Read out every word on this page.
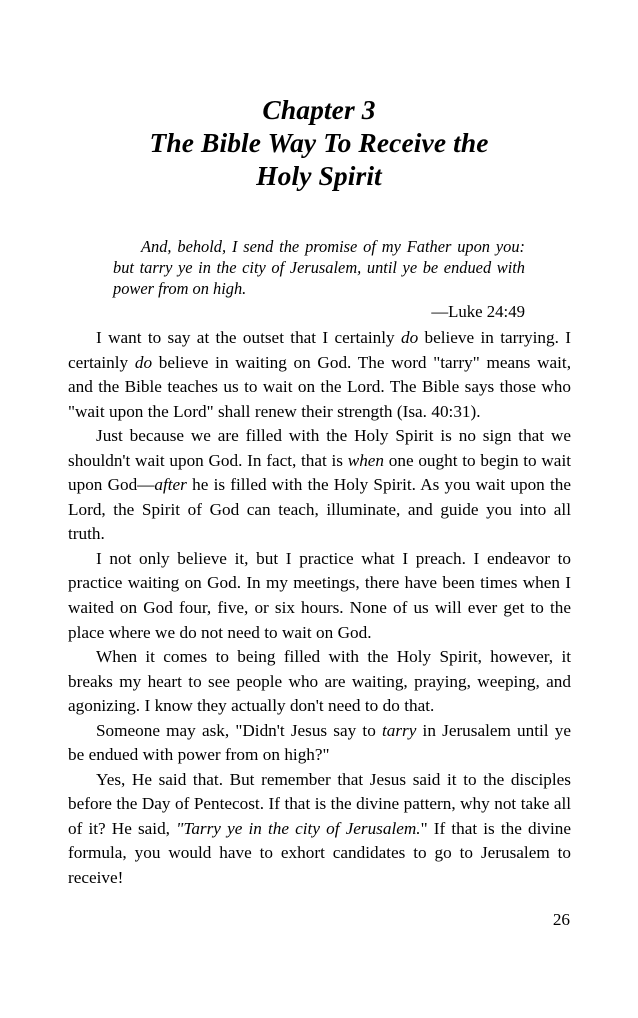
Chapter 3
The Bible Way To Receive the
Holy Spirit

And, behold, I send the promise of my Father upon you: but tarry ye in the city of Jerusalem, until ye be endued with power from on high.

—Luke 24:49

I want to say at the outset that I certainly do believe in tarrying. I certainly do believe in waiting on God. The word "tarry" means wait, and the Bible teaches us to wait on the Lord. The Bible says those who "wait upon the Lord" shall renew their strength (Isa. 40:31).

Just because we are filled with the Holy Spirit is no sign that we shouldn't wait upon God. In fact, that is when one ought to begin to wait upon God—after he is filled with the Holy Spirit. As you wait upon the Lord, the Spirit of God can teach, illuminate, and guide you into all truth.

I not only believe it, but I practice what I preach. I endeavor to practice waiting on God. In my meetings, there have been times when I waited on God four, five, or six hours. None of us will ever get to the place where we do not need to wait on God.

When it comes to being filled with the Holy Spirit, however, it breaks my heart to see people who are waiting, praying, weeping, and agonizing. I know they actually don't need to do that.

Someone may ask, "Didn't Jesus say to tarry in Jerusalem until ye be endued with power from on high?"

Yes, He said that. But remember that Jesus said it to the disciples before the Day of Pentecost. If that is the divine pattern, why not take all of it? He said, "Tarry ye in the city of Jerusalem." If that is the divine formula, you would have to exhort candidates to go to Jerusalem to receive!

26
